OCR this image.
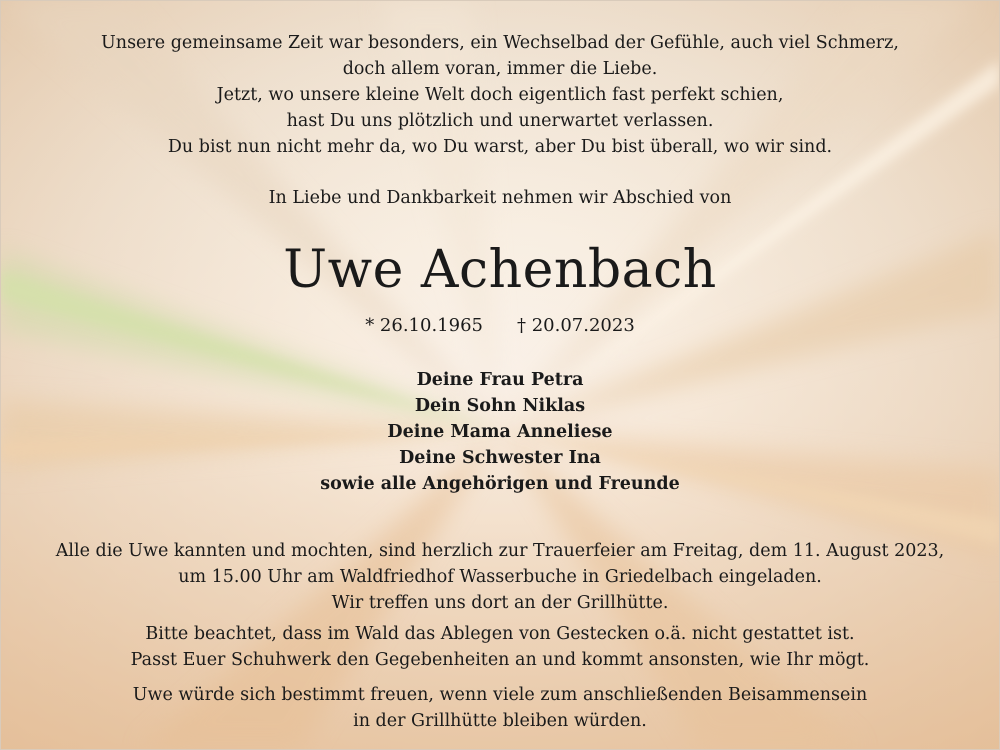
Unsere gemeinsame Zeit war besonders, ein Wechselbad der Gefühle, auch viel Schmerz,
doch allem voran, immer die Liebe.
Jetzt, wo unsere kleine Welt doch eigentlich fast perfekt schien,
hast Du uns plötzlich und unerwartet verlassen.
Du bist nun nicht mehr da, wo Du warst, aber Du bist überall, wo wir sind.
In Liebe und Dankbarkeit nehmen wir Abschied von
Uwe Achenbach
* 26.10.1965 † 20.07.2023
Deine Frau Petra
Dein Sohn Niklas
Deine Mama Anneliese
Deine Schwester Ina
sowie alle Angehörigen und Freunde
Alle die Uwe kannten und mochten, sind herzlich zur Trauerfeier am Freitag, dem 11. August 2023,
um 15.00 Uhr am Waldfriedhof Wasserbuche in Griedelbach eingeladen.
Wir treffen uns dort an der Grillhütte.
Bitte beachtet, dass im Wald das Ablegen von Gestecken o.ä. nicht gestattet ist.
Passt Euer Schuhwerk den Gegebenheiten an und kommt ansonsten, wie Ihr mögt.
Uwe würde sich bestimmt freuen, wenn viele zum anschließenden Beisammensein
in der Grillhütte bleiben würden.
